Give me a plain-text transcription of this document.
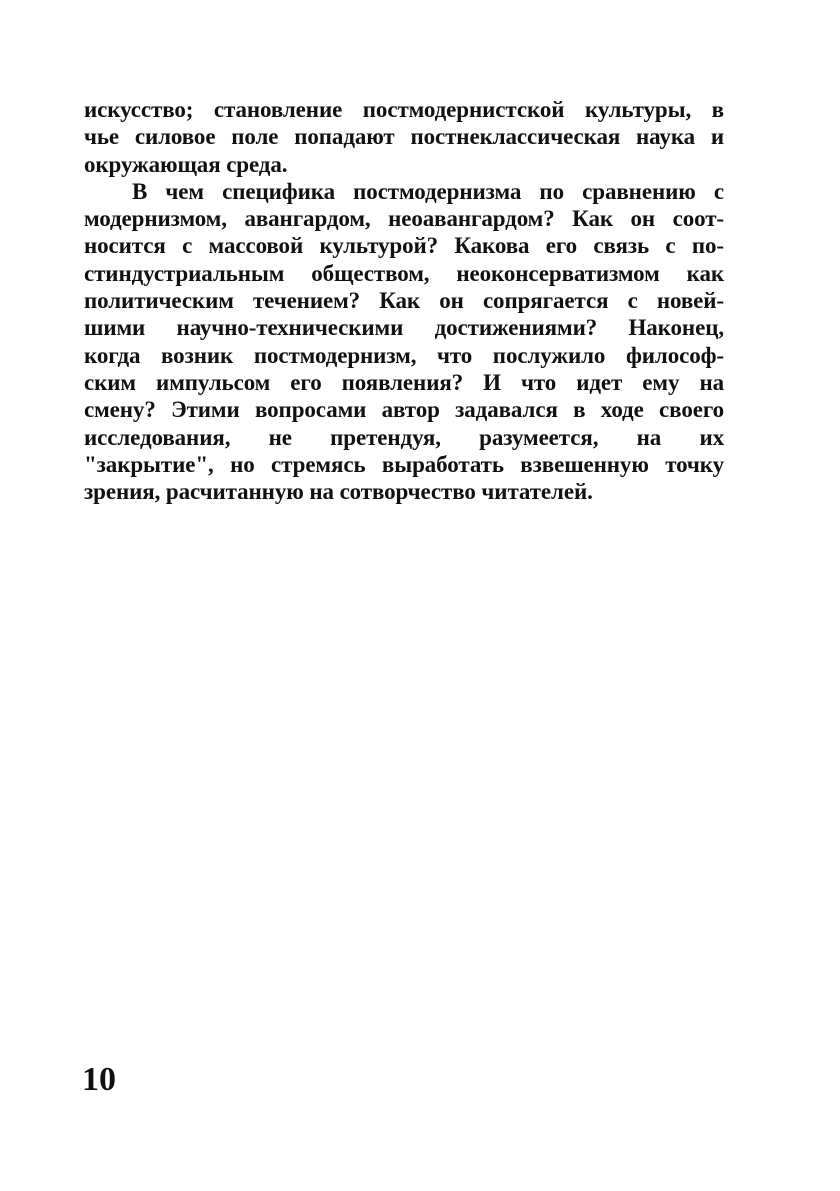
искусство; становление постмодернистской культуры, в
чье силовое поле попадают постнеклассическая наука и
окружающая среда.
В чем специфика постмодернизма по сравнению с
модернизмом, авангардом, неоавангардом? Как он соот-
носится с массовой культурой? Какова его связь с по-
стиндустриальным обществом, неоконсерватизмом как
политическим течением? Как он сопрягается с новей-
шими научно-техническими достижениями? Наконец,
когда возник постмодернизм, что послужило философ-
ским импульсом его появления? И что идет ему на
смену? Этими вопросами автор задавался в ходе своего
исследования, не претендуя, разумеется, на их
"закрытие", но стремясь выработать взвешенную точку
зрения, расчитанную на сотворчество читателей.
10
